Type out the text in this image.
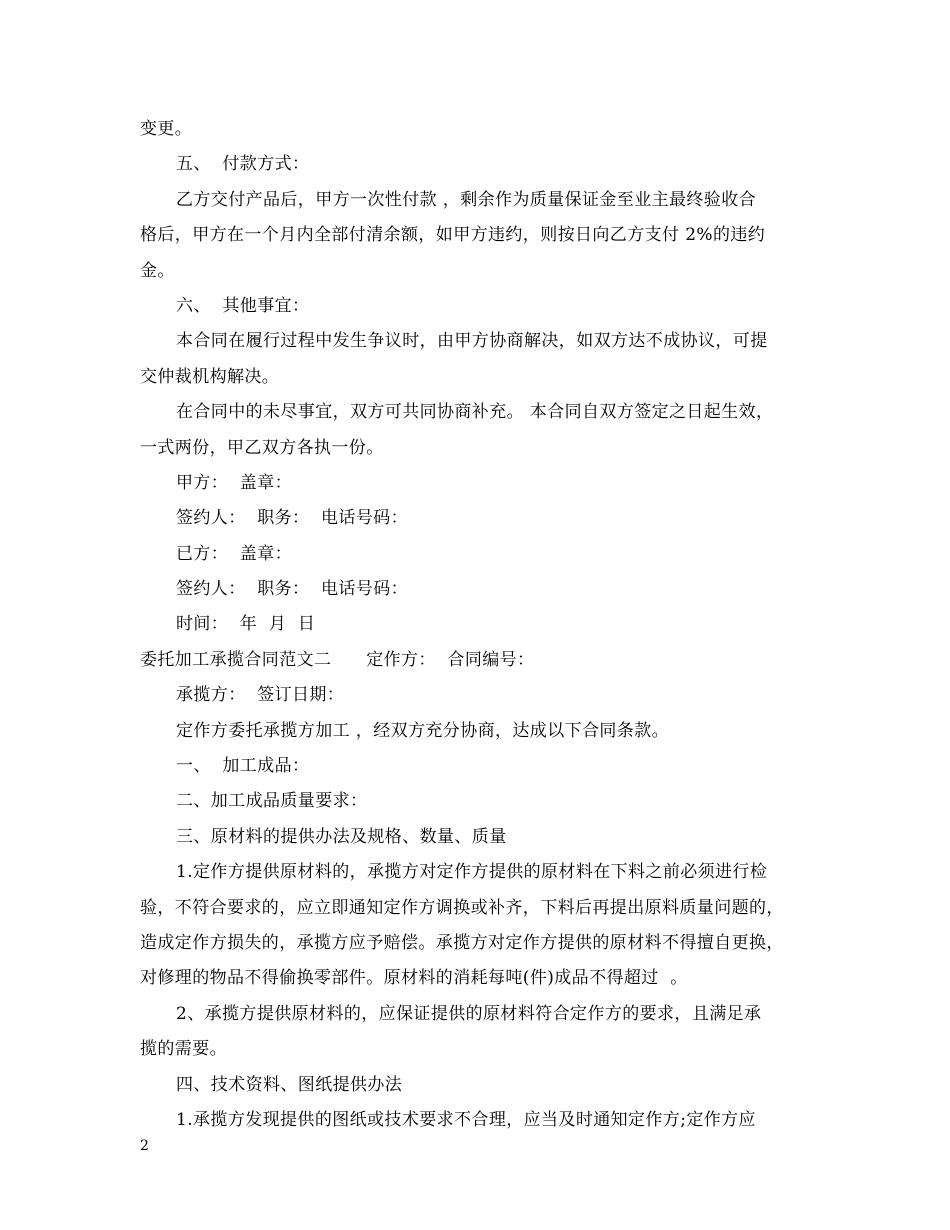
变更。
五、  付款方式：
乙方交付产品后，甲方一次性付款 ，剩余作为质量保证金至业主最终验收合
格后，甲方在一个月内全部付清余额，如甲方违约，则按日向乙方支付 2%的违约
金。
六、  其他事宜：
本合同在履行过程中发生争议时，由甲方协商解决，如双方达不成协议，可提
交仲裁机构解决。
在合同中的未尽事宜，双方可共同协商补充。 本合同自双方签定之日起生效，
一式两份，甲乙双方各执一份。
甲方：  盖章：
签约人：  职务：  电话号码：
已方：  盖章：
签约人：  职务：  电话号码：
时间：  年  月  日
委托加工承揽合同范文二      定作方：  合同编号：
承揽方：  签订日期：
定作方委托承揽方加工 ，经双方充分协商，达成以下合同条款。
一、  加工成品：
二、加工成品质量要求：
三、原材料的提供办法及规格、数量、质量
1.定作方提供原材料的，承揽方对定作方提供的原材料在下料之前必须进行检
验，不符合要求的，应立即通知定作方调换或补齐，下料后再提出原料质量问题的，
造成定作方损失的，承揽方应予赔偿。承揽方对定作方提供的原材料不得擅自更换，
对修理的物品不得偷换零部件。原材料的消耗每吨(件)成品不得超过  。
2、承揽方提供原材料的，应保证提供的原材料符合定作方的要求，且满足承
揽的需要。
四、技术资料、图纸提供办法
1.承揽方发现提供的图纸或技术要求不合理，应当及时通知定作方;定作方应
2
